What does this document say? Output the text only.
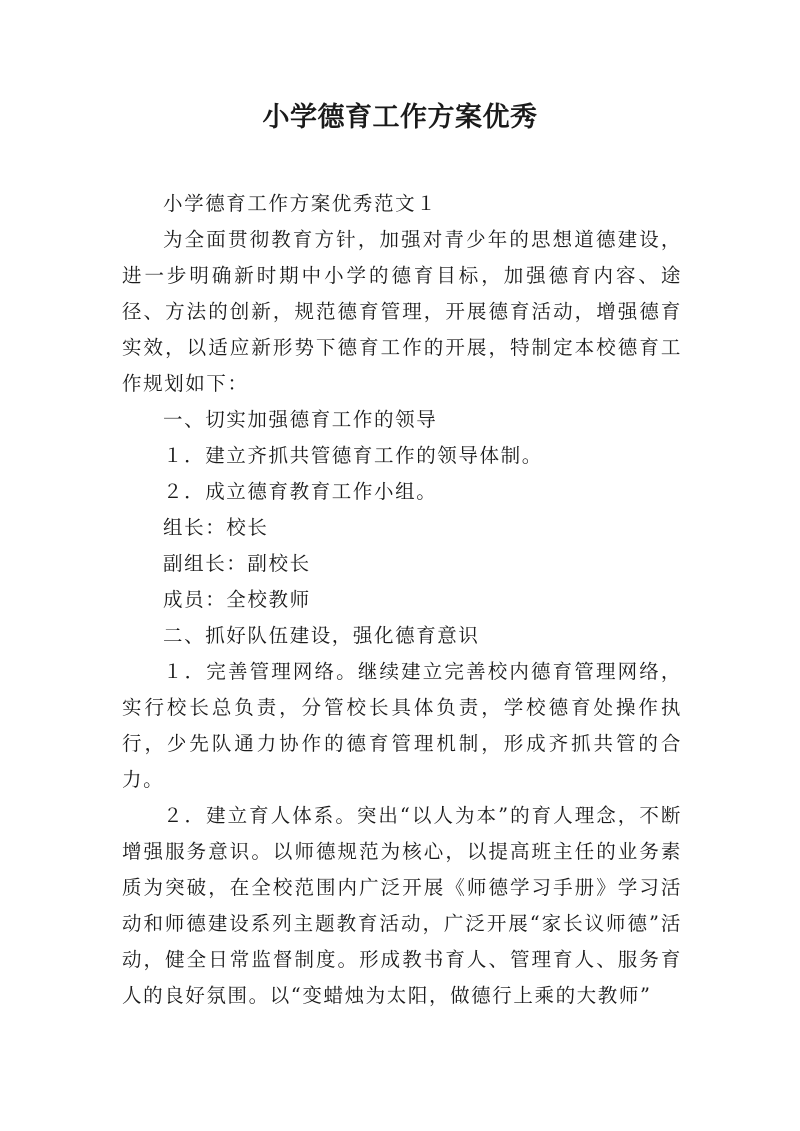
小学德育工作方案优秀

小学德育工作方案优秀范文１

为全面贯彻教育方针，加强对青少年的思想道德建设，进一步明确新时期中小学的德育目标，加强德育内容、途径、方法的创新，规范德育管理，开展德育活动，增强德育实效，以适应新形势下德育工作的开展，特制定本校德育工作规划如下：

一、切实加强德育工作的领导

１．建立齐抓共管德育工作的领导体制。

２．成立德育教育工作小组。

组长：校长

副组长：副校长

成员：全校教师

二、抓好队伍建设，强化德育意识

１．完善管理网络。继续建立完善校内德育管理网络，实行校长总负责，分管校长具体负责，学校德育处操作执行，少先队通力协作的德育管理机制，形成齐抓共管的合力。

２．建立育人体系。突出“以人为本”的育人理念，不断增强服务意识。以师德规范为核心，以提高班主任的业务素质为突破，在全校范围内广泛开展《师德学习手册》学习活动和师德建设系列主题教育活动，广泛开展“家长议师德”活动，健全日常监督制度。形成教书育人、管理育人、服务育人的良好氛围。以“变蜡烛为太阳，做德行上乘的大教师”
